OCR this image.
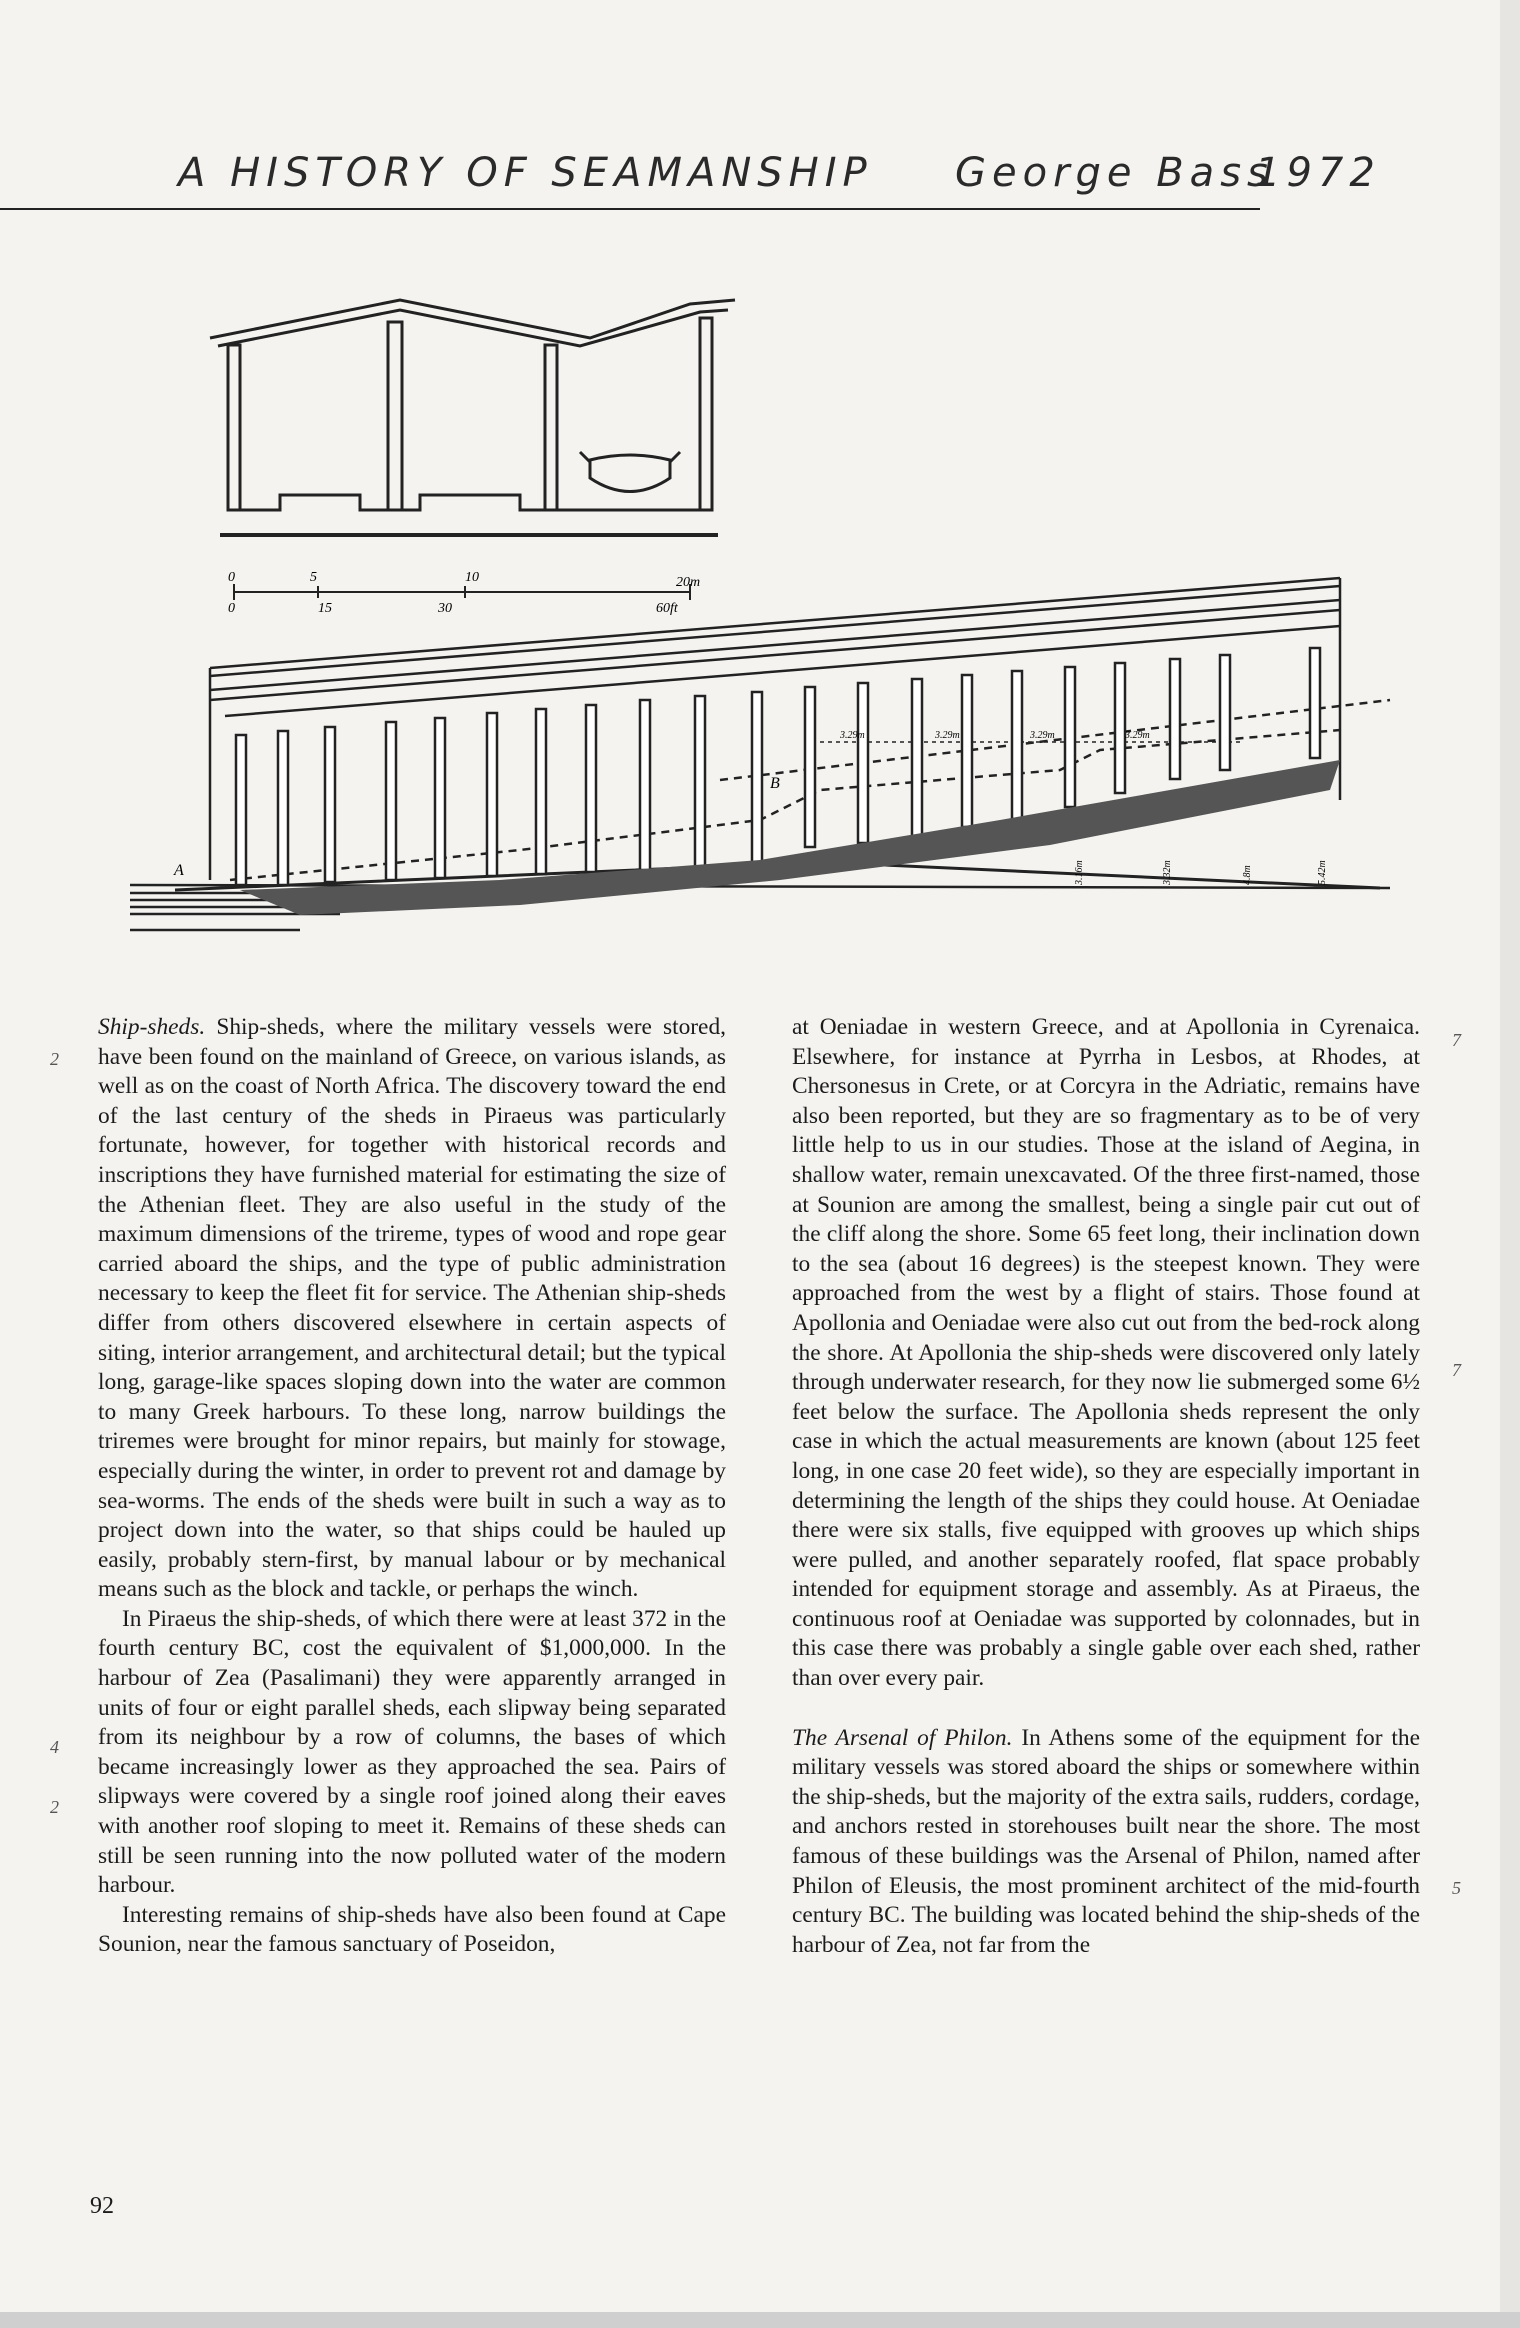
A HISTORY OF SEAMANSHIP George Bass
1972
0	5	10	20m
0	15	30	60ft
A
B
3.29m	3.29m	3.29m	3.29m
3.16m	3.32m	4.8m	5.42m
2
4
2
7
7
5

Ship-sheds. Ship-sheds, where the military vessels were stored, have been found on the mainland of Greece, on various islands, as well as on the coast of North Africa. The discovery toward the end of the last century of the sheds in Piraeus was particularly fortunate, however, for together with historical records and inscriptions they have furnished material for estimating the size of the Athenian fleet. They are also useful in the study of the maximum dimensions of the trireme, types of wood and rope gear carried aboard the ships, and the type of public administration necessary to keep the fleet fit for service. The Athenian ship-sheds differ from others discovered elsewhere in certain aspects of siting, interior arrangement, and architectural detail; but the typical long, garage-like spaces sloping down into the water are common to many Greek harbours. To these long, narrow buildings the triremes were brought for minor repairs, but mainly for stowage, especially during the winter, in order to prevent rot and damage by sea-worms. The ends of the sheds were built in such a way as to project down into the water, so that ships could be hauled up easily, probably stern-first, by manual labour or by mechanical means such as the block and tackle, or perhaps the winch.

In Piraeus the ship-sheds, of which there were at least 372 in the fourth century BC, cost the equivalent of $1,000,000. In the harbour of Zea (Pasalimani) they were apparently arranged in units of four or eight parallel sheds, each slipway being separated from its neighbour by a row of columns, the bases of which became increasingly lower as they approached the sea. Pairs of slipways were covered by a single roof joined along their eaves with another roof sloping to meet it. Remains of these sheds can still be seen running into the now polluted water of the modern harbour.

Interesting remains of ship-sheds have also been found at Cape Sounion, near the famous sanctuary of Poseidon,

at Oeniadae in western Greece, and at Apollonia in Cyrenaica. Elsewhere, for instance at Pyrrha in Lesbos, at Rhodes, at Chersonesus in Crete, or at Corcyra in the Adriatic, remains have also been reported, but they are so fragmentary as to be of very little help to us in our studies. Those at the island of Aegina, in shallow water, remain unexcavated. Of the three first-named, those at Sounion are among the smallest, being a single pair cut out of the cliff along the shore. Some 65 feet long, their inclination down to the sea (about 16 degrees) is the steepest known. They were approached from the west by a flight of stairs. Those found at Apollonia and Oeniadae were also cut out from the bed-rock along the shore. At Apollonia the ship-sheds were discovered only lately through underwater research, for they now lie submerged some 6½ feet below the surface. The Apollonia sheds represent the only case in which the actual measurements are known (about 125 feet long, in one case 20 feet wide), so they are especially important in determining the length of the ships they could house. At Oeniadae there were six stalls, five equipped with grooves up which ships were pulled, and another separately roofed, flat space probably intended for equipment storage and assembly. As at Piraeus, the continuous roof at Oeniadae was supported by colonnades, but in this case there was probably a single gable over each shed, rather than over every pair.

The Arsenal of Philon. In Athens some of the equipment for the military vessels was stored aboard the ships or somewhere within the ship-sheds, but the majority of the extra sails, rudders, cordage, and anchors rested in storehouses built near the shore. The most famous of these buildings was the Arsenal of Philon, named after Philon of Eleusis, the most prominent architect of the mid-fourth century BC. The building was located behind the ship-sheds of the harbour of Zea, not far from the

92
